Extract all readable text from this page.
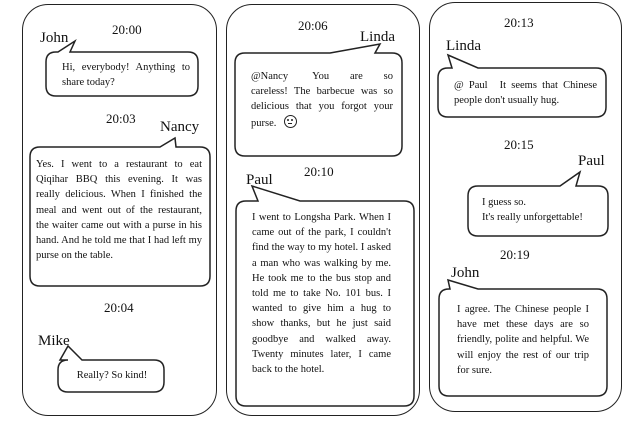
20:00
John
Hi, everybody! Anything to share today?
20:03
Nancy
Yes. I went to a restaurant to eat Qiqihar BBQ this evening. It was really delicious. When I finished the meal and went out of the restaurant, the waiter came out with a purse in his hand. And he told me that I had left my purse on the table.
20:04
Mike
Really? So kind!
20:06
Linda
@Nancy You are so careless! The barbecue was so delicious that you forgot your purse.
20:10
Paul
I went to Longsha Park. When I came out of the park, I couldn't find the way to my hotel. I asked a man who was walking by me. He took me to the bus stop and told me to take No. 101 bus. I wanted to give him a hug to show thanks, but he just said goodbye and walked away. Twenty minutes later, I came back to the hotel.
20:13
Linda
@ Paul It seems that Chinese people don't usually hug.
20:15
Paul
I guess so.
It's really unforgettable!
20:19
John
I agree. The Chinese people I have met these days are so friendly, polite and helpful. We will enjoy the rest of our trip for sure.
